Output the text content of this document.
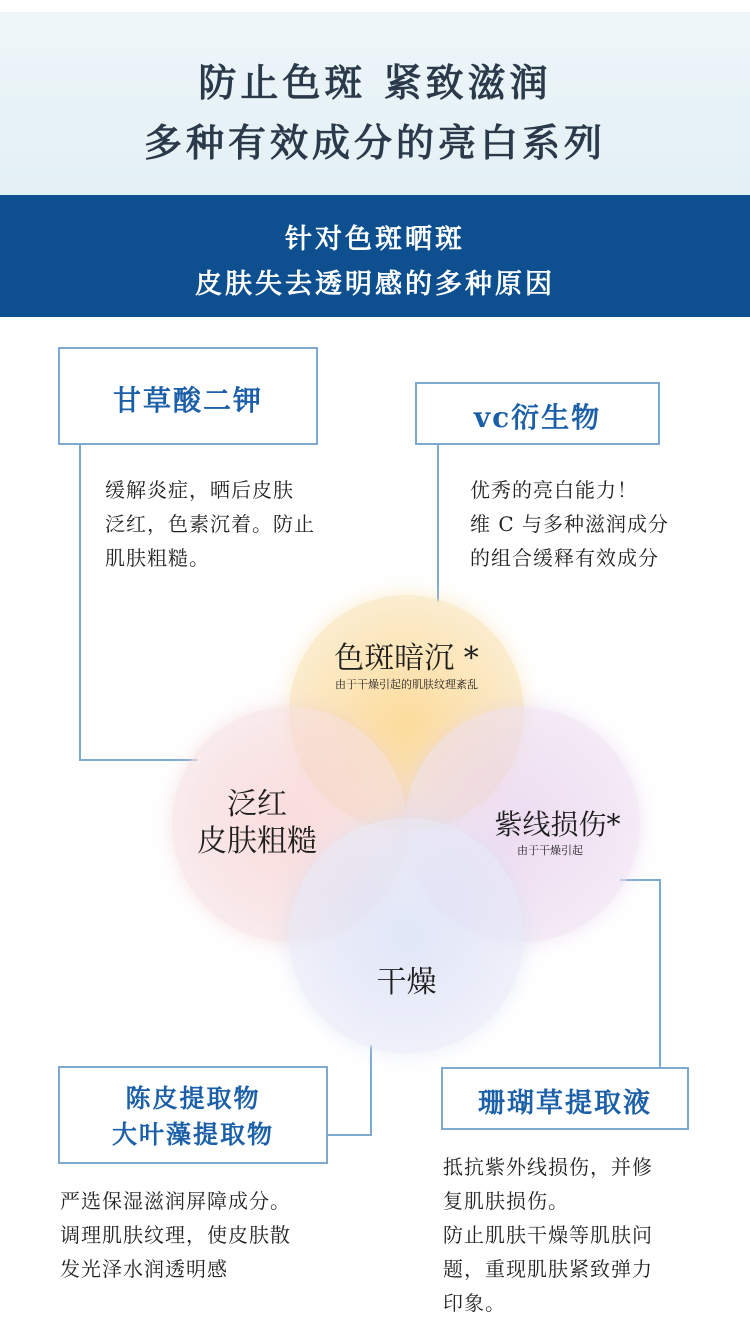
防止色斑 紧致滋润
多种有效成分的亮白系列
针对色斑晒斑
皮肤失去透明感的多种原因
甘草酸二钾
缓解炎症，晒后皮肤
泛红，色素沉着。防止
肌肤粗糙。
vc衍生物
优秀的亮白能力！
维 C 与多种滋润成分
的组合缓释有效成分
色斑暗沉 *
由于干燥引起的肌肤纹理紊乱
泛红
皮肤粗糙	紫线损伤*
由于干燥引起
干燥
陈皮提取物
大叶藻提取物
严选保湿滋润屏障成分。
调理肌肤纹理，使皮肤散
发光泽水润透明感
珊瑚草提取液
抵抗紫外线损伤，并修
复肌肤损伤。
防止肌肤干燥等肌肤问
题，重现肌肤紧致弹力
印象。
